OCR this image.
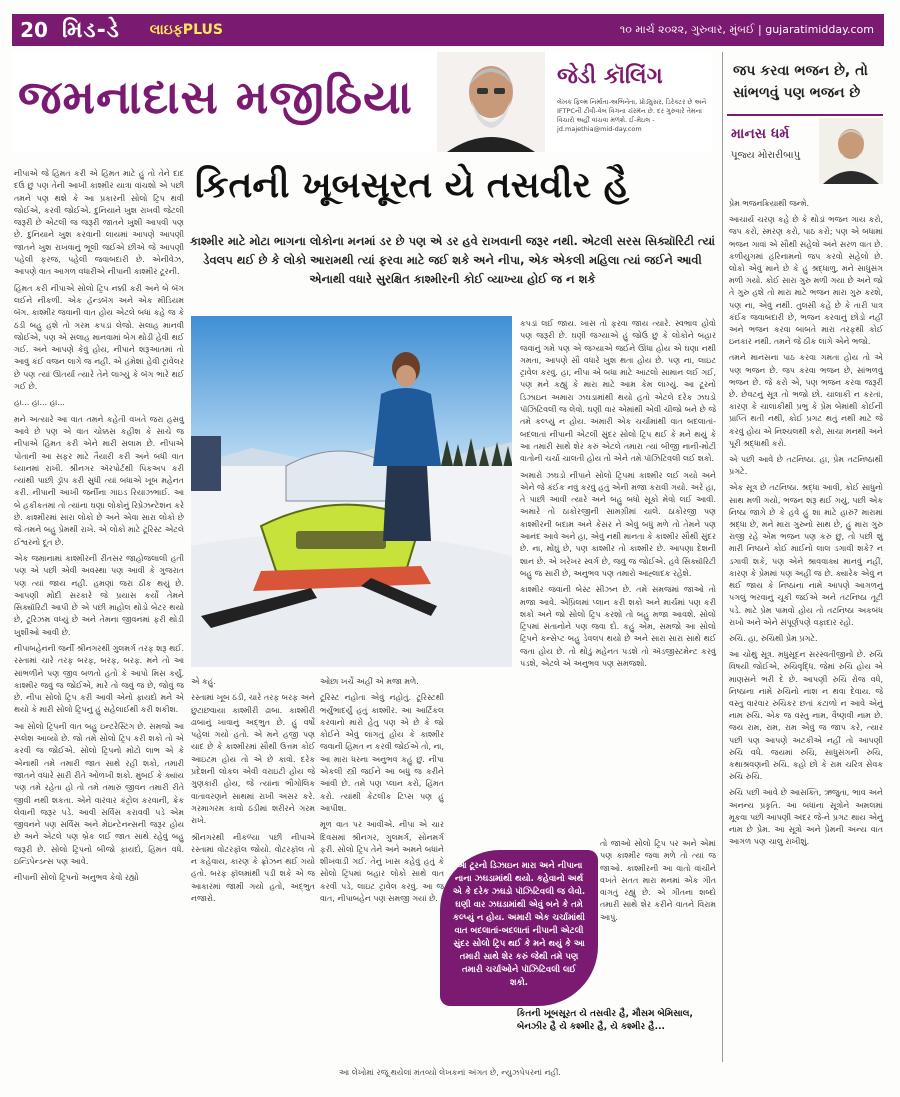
20 મિડ-ડે લાઇફPLUS	૧૦ માર્ચ ૨૦૨૨, ગુરુવાર, મુંબઈ | gujaratimidday.com
જમનાદાસ મજીઠિયા	જેડી કૉલિંગ
લેખક ફિલ્મ નિર્માતા-અભિનેતા, પ્રોડ્યુસર, ડિરેક્ટર છે અને IFTPCની ટીવી-વેબ વિંગના ચૅરમૅન છે. દર ગુરુવારે તેમના વિચારો અહીં વાંચવા મળશે. ઈ-મેઇલ - jd.majethia@mid-day.com
જપ કરવા ભજન છે, તો સાંભળવું પણ ભજન છે
માનસ ધર્મ
પૂજ્ય મોરારીબાપુ

પ્રેમ ભજનક્રિયાથી જન્મે.

આચાર્ય ચરણ કહે છે કે થોડાં ભજન ગાય કરો, જપ કરો, સ્મરણ કરો, પાઠ કરો; પણ એ બધામાં ભજન ગાવાં એ સૌથી સહેલો અને સરળ વાત છે. કળીયુગમાં હરિનામનો જપ કરવો સહેલો છે. લોકો એવું માને છે કે હું શ્રદ્ધાળુ, મને સાધુસંગ મળી ગયો. કોઈ સારા ગુરુ મળી ગયા છે અને જો તે ગુરુ હશે તો મારા માટે ભજન મારા ગુરુ કરશે, પણ ના, એવું નથી. તુલસી કહે છે કે તારી પાત્ર કંઈક જવાબદારી છે, ભજન કરવાનું છોડો નહીં અને ભજન કરવા બાબતે મારા તરફથી કોઈ ઇનકાર નથી. તમને જે ઠીક લાગે એને ભજો.

તમને માનસના પાઠ કરવા ગમતા હોય તો એ પણ ભજન છે. જપ કરવા ભજન છે, સાંભળવું ભજન છે. જે કરો એ, પણ ભજન કરવા જરૂરી છે. છેવટનું સૂત્ર તો ભજો છો. ચાલાકી ન કરતાં, કારણ કે ચાલાકીથી પ્રભુ કે પ્રેમ બેમાંથી કોઈની પ્રાપ્તિ થતી નથી, કોઈ પ્રગટ થતું નથી માટે જે કરવું હોય એ નિશ્ચલથી કરો, સાચા મનથી અને પૂરી શ્રદ્ધાથી કરો.

એ પછી આવે છે તટનિષ્ઠા. હા, પ્રેમ તટનિષ્ઠાથી પ્રગટે.

એક સૂત્ર છે તટનિષ્ઠા. શ્રદ્ધા આવી, કોઈ સાધુનો સાથ મળી ગયો, ભજન શરૂ થઈ ગયું, પછી એક નિષ્ઠા જાગે છે કે હવે હું શા માટે હારું? મારામાં શ્રદ્ધા છે, મને મારા ગુરુનો સાથ છે, હું મારા ગુરુ રાજી રહે એમ ભજન પણ કરું છું, તો પછી શું મારી નિષ્ઠાને કોઈ માઈનો લાલ ડગાવી શકે? ન ડગાવી શકે, પણ એને શ્રાવવાક્ય માનવું નહીં, કારણ કે પ્રેમમાં પણ અહીં જ છે. ક્યારેક એવું ન થઈ જાય કે નિષ્ઠાના નામે આપણે આગળનું પગલું ભરવાનું ચૂકી જઈએ અને તટનિષ્ઠા તૂટી પડે. માટે પ્રેમ પામવો હોય તો તટનિષ્ઠા અકબંધ રાખો અને એને સંપૂર્ણપણે વફાદાર રહો.

રુચિ. હા, રુચિથી પ્રેમ પ્રગટે.

આ ચોથું સૂત્ર. મધુસૂદન સરસ્વતીજીનો છે. રુચિ વિષયી જોઈએ, રુચિવૃદ્ધિ. જેમાં રુચિ હોય એ માણસને ભરી દે છે. આપણી રુચિ રોજ વધે, નિષ્ઠાના નામે રુચિનો નાશ ન થવા દેવાય. જે વસ્તુ વારંવાર રુચિકર છતાં કંટાળો ન આવે એનું નામ રુચિ. એક જ વસ્તુ નામ, વૈષ્ણવી નામ છે. જય રામ, રામ, રામ એવું જ જાપ કરે, ત્યાર પછી પણ આપણે અટકીએ નહીં તો આપણી રુચિ વધે. જયમાં રુચિ, સાધુસંગની રુચિ, કથાશ્રવણની રુચિ. કહો છો કે રામ ચરિત્ર સેવક રુચિ રુચિ.

રુચિ પછી આવે છે આસક્તિ, ઋજુતા, ભાવ અને અનન્ય પ્રકૃતિ. આ બધાંના સૂત્રોને અમલમાં મૂકવા પછી આપણી અંદર જે-ને પ્રગટ થાય એનું નામ છે પ્રેમ. આ સૂત્રો અને પ્રેમની અન્ય વાત આગળ પણ ચાલુ રાખીશું.

કિતની ખૂબસૂરત યે તસવીર હૈ
કાશ્મીર માટે મોટા ભાગના લોકોના મનમાં ડર છે પણ એ ડર હવે રાખવાની જરૂર નથી. એટલી સરસ સિક્યૉરિટી ત્યાં ડેવલપ થઈ છે કે લોકો આરામથી ત્યાં ફરવા માટે જઈ શકે અને નીપા, એક એકલી મહિલા ત્યાં જઈને આવી એનાથી વધારે સુરક્ષિત કાશ્મીરની કોઈ વ્યાખ્યા હોઈ જ ન શકે

નીપાએ જે હિંમત કરી એ હિંમત માટે હું તો તેને દાદ દઉં છું પણ તેની આખી કાશ્મીર યાત્રા વાંચશો એ પછી તમને પણ થશે કે આ પ્રકારની સોલો ટ્રિપ થવી જોઈએ, કરવી જોઈએ. દુનિયાને ખુશ રાખવી જેટલી જરૂરી છે એટલી જ જરૂરી જાતને ખુશી આપવી પણ છે. દુનિયાને ખુશ કરવાની લાયમાં આપણે આપણી જાતને ખુશ રાખવાનું ભૂલી જઈએ છીએ જે આપણી પહેલી ફરજ, પહેલી જવાબદારી છે. એનીવેઝ, આપણે વાત આગળ વધારીએ નીપાની કાશ્મીર ટૂરની.

હિંમત કરી નીપાએ સોલો ટ્રિપ નક્કી કરી અને બે બૅગ લઈને નીકળી. એક હૅન્ડબૅગ અને એક મીડિયમ બૅગ. કાશ્મીર જવાની વાત હોય એટલે બધા કહે જ કે ઠંડી બહુ હશે તો ગરમ કપડાં લેજો. સલાહ માનવી જોઈએ, પણ એ સલાહ માનવામાં બેગ થોડી હેવી થઈ ગઈ. અને આપણે કેવું હોય, નીપાને શરૂઆતમાં તો આવું કંઈ વજન લાગે જ નહીં. એ હંમેશાં હેવી ટ્રાવેલર છે પણ ત્યાં ઊતર્યા ત્યારે તેને લાગ્યું કે બૅગ ભારે થઈ ગઈ છે.

હા... હા... હા...

મને અત્યારે આ વાત તમને કહેતી વખતે જરા હસવું આવે છે પણ એ વાત ચોક્કસ કહીશ કે સાચે જ નીપાએ હિંમત કરી એને મારી સલામ છે. નીપાએ પોતાની આ સફર માટે તૈયારી કરી અને બધી વાત ધ્યાનમાં રાખી. શ્રીનગર ઍરપોર્ટથી પિકઅપ કરી ત્યાંથી પાછી ડ્રૉપ કરી સુધી ત્યાં બધાએ ખૂબ મહેનત કરી. નીપાની આખી જર્નીના ગાઇડ રિયાઝભાઈ. આ બે હકીકતમાં તો ત્યાંના ઘણા લોકોનું રિપ્રેઝન્ટેશન કરે છે. કાશ્મીરમાં સારા લોકો છે અને એવા સારા લોકો છે જે તમને બહુ પ્રેમથી રાખે. એ લોકો માટે ટૂરિસ્ટ એટલે ઈશ્વરનો દૂત છે.

એક જમાનામાં કાશ્મીરની રીતસર જાહોજલાલી હતી પણ એ પછી એવી અવસ્થા પણ આવી કે ગુજરાત પણ ત્યાં જાય નહીં. હમણાં જરા ઠીક થયું છે. આપણી મોદી સરકારે જે પ્રયાસ કર્યો તેમને સિક્યૉરિટી આપી છે એ પછી માહોલ થોડો બેટર થયો છે, ટૂરિઝમ વધ્યું છે અને તેમના જીવનમાં ફરી થોડી ખુશીઓ આવી છે.

નીપાબહેનની જર્ની શ્રીનગરથી ગુલમર્ગ તરફ શરૂ થઈ. રસ્તામાં ચારે તરફ બરફ, બરફ, બરફ. મને તો આ સાંભળીને પણ જીવ બળતો હતો કે આપો મિસ કર્યું. કાશ્મીર જવું જ જોઈએ, મારે તો જવું જ છે, જોવું જ છે. નીપા સોલો ટ્રિપ કરી આવી એનો ફાયદો મને એ થયો કે મારી સોલો ટ્રિપનું હું સહેલાઈથી કરી શકીશ.

આ સોલો ટ્રિપની વાત બહુ ઇન્ટરેસ્ટિંગ છે. સમજો આ સ્પ્લેશ આવ્યો છે. જો તમે સોલો ટ્રિપ કરી શકો તો એ કરવી જ જોઈએ. સોલો ટ્રિપનો મોટો લાભ એ કે એનાથી તમે તમારી જાત સાથે રહી શકો, તમારી જાતને વધારે સારી રીતે ઓળખી શકો. મુંબઈ કે ક્યાંય પણ તમે રહેતા હો તો તમે તમારું જીવન તમારી રીતે જીવી નથી શકતા. એને વારંવાર કંટ્રોલ કરવાની, ક્રેક લેવાની જરૂર પડે. આવી સર્વિસ કરાવવી પડે એમ જીવનને પણ સર્વિસ અને મેઇન્ટેનન્સની જરૂર હોય છે અને એટલે પણ બ્રેક લઈ જાત સાથે રહેવું બહુ જરૂરી છે. સોલો ટ્રિપનો બીજો ફાયદો, હિંમત વધે. ઇન્ડિપેન્ડન્સ પણ આવે.

નીપાની સોલો ટ્રિપનો અનુભવ કેવો રહ્યો

એ કહું.

રસ્તામાં ખૂબ ઠંડી, ચારે તરફ બરફ અને છુટાછવાયા કાશ્મીરી ઢાબા. કાશ્મીરી ઢાબાનું ખાવાનું અદ્ભુત છે. હું વર્ષો પહેલાં ગયો હતો. એ મને હજી પણ યાદ છે કે કાશ્મીરમાં સૌથી ઉત્તમ કોઈ આઇટમ હોય તો એ છે કાવો. દરેક પ્રદેશની લોકલ એવી વરાઇટી હોય જે ગુણકારી હોય, જે ત્યાંના ભૌગોલિક વાતાવરણને સાથમાં રાખી અસર કરે. ગરમાગરમ કાવો ઠંડીમાં શરીરને ગરમ રાખે.

શ્રીનગરથી નીકળ્યા પછી નીપાએ રસ્તામાં વોટરફૉલ જોયો. વોટરફૉલ તો ન કહેવાય, કારણ કે ફ્રોઝન થઈ ગયો હતો. બરફ ફૉલમાંથી પડી શકે એ જ આકારમાં જામી ગયો હતો, અદ્ભુત નજારો.

ઓછા ખર્ચે અહીં એ મજા મળે.

ટૂરિસ્ટ નહોતા એવું નહોતું. ટૂરિસ્ટથી ભર્યુંભાદર્યું હતું કાશ્મીર. આ આર્ટિકલ કરવાનો મારો હેતુ પણ એ છે કે જો કોઈને એવું લાગતું હોય કે કાશ્મીર જવાની હિંમત ન કરવી જોઈએ તો, ના, આ મારા ધરના અનુભવ કહું છું. નીપા એકલી સ્ત્રી જઈને આ બધું જ કરીને આવી છે. તમે પણ પ્લાન કરો, હિંમત કરો. ત્યાંથી કેટલીક ટિપ્સ પણ હું આપીશ.

મૂળ વાત પર આવીએ. નીપા એ ચાર દિવસમાં શ્રીનગર, ગુલમર્ગ, સોનમર્ગ ફરી. સોલો ટ્રિપ તેને અને અમને બધાંને શીખવાડી ગઈ. તેનું ખાસ કહેવું હતું કે સોલો ટ્રિપમાં બહાર લોકો સાથે વાત કરવી પડે, લાઇટ ટ્રાવેલ કરવું. આ જ વાત, નીપાબહેન પણ સમજી ગયાં છે.

કપડાં લઈ જાય. ખાસ તો ફરવા જાય ત્યારે. સ્વભાવ હોવો પણ જરૂરી છે. ઘણી જગ્યાએ હું જોઉં છું કે લોકોને બહાર જવાનું ગમે પણ એ જગ્યાએ જઈને ઊંધા હોય એ ઘણા નથી ગમતા, આપણે સૌ વધારે ખુશ થતા હોય છે. પણ ના, લાઇટ ટ્રાવેલ કરવું. હા, નીપા એ બધા માટે આટલો સામાન લઈ ગઈ, પણ મને કહ્યું કે મારા માટે આમ કેમ લાગ્યું. આ ટૂરનો ડિઝાઇન અમારા ઝઘડામાંથી થયો હતો એટલે દરેક ઝઘડો પૉઝિટિવલી જ લેવો. ઘણી વાર એમાંથી એવી ચીજો બને છે જે તમે કલ્પ્યું ન હોય. અમારી એક ચર્ચામાંથી વાત બદલાતાં-બદલાતાં નીપાની એટલી સુંદર સોલો ટ્રિપ થઈ કે મને થયું કે આ તમારી સાથે શેર કરું એટલે તમારા ત્યાં બીજી નાની-મોટી વાતોની ચર્ચા ચાલતી હોય તો એને તમે પૉઝિટિવલી લઈ શકો.

અમારો ઝઘડો નીપાને સોલો ટ્રિપમાં કાશ્મીર લઈ ગયો અને એને જે કંઈક નવું કરવું હતું એની મજા કરાવી ગયો. અરે હા, તે પાછી આવી ત્યારે અને બહુ બધો સૂકો મેવો લઈ આવી. અમારે તો ઠાકોરજીની સામગ્રીમાં ચાલે. ઠાકોરજી પણ કાશ્મીરની બદામ અને કેસર ને એવું બધું મળે તો તેમને પણ આનંદ આવે અને હા, એવું નથી માનતા કે કાશ્મીર સૌથી સુંદર છે. ના, મોંઘું છે, પણ કાશ્મીર તો કાશ્મીર છે. આપણા દેશની શાન છે. એ ખરેખર સ્વર્ગ છે, જવું જ જોઈએ. હવે સિક્યૉરિટી બહુ જ સારી છે, અનુભવ પણ તમારો આહ્લાદક રહેશે.

કાશ્મીર જવાની બેસ્ટ સીઝન છે. તમે સમજમાં જાઓ તો મજા આવે. એપ્રિલમાં પ્લાન કરી શકો અને માર્ચમાં પણ કરી શકો અને જો સોલો ટ્રિપ કરશો તો બહુ મજા આવશે. સોલો ટ્રિપમાં સંતાનોને પણ જવા દો. કહું એમ, સમજો આ સોલો ટ્રિપને કન્સેપ્ટ બહુ ડેવલપ થયો છે અને સારા સારા સાથે થઈ જતા હોય છે. તો થોડું મહેનત પડશે તો ઍડજીસ્ટમેન્ટ કરવું પડશે, એટલે એ અનુભવ પણ સમજશો.

આ ટૂરનો ડિઝાઇન મારા અને નીપાના નાના ઝઘડામાંથી થયો. કહેવાનો અર્થ એ કે દરેક ઝઘડો પૉઝિટિવલી જ લેવો. ઘણી વાર ઝઘડામાંથી એવું બને કે તમે કલ્પ્યું ન હોય. અમારી એક ચર્ચામાંથી વાત બદલાતાં-બદલાતાં નીપાની એટલી સુંદર સોલો ટ્રિપ થઈ કે મને થયું કે આ તમારી સાથે શેર કરું જેથી તમે પણ તમારી ચર્ચાઓને પૉઝિટિવલી લઈ શકો.

તો જાઓ સોલો ટ્રિપ પર અને એમાં પણ કાશ્મીર જવા મળે તો ત્યાં જ જાઓ. કાશ્મીરની આ વાતો વાંચીને વખતે સતત મારા મનમાં એક ગીત વાગતું રહ્યું છે. એ ગીતના શબ્દો તમારી સાથે શેર કરીને વાતને વિરામ આપું.

કિતની ખૂબસૂરત યે તસવીર હૈ, મૌસમ બેમિસાલ, બેનઝીર હૈ યે કશ્મીર હૈ, યે કશ્મીર હૈ...
આ લેખોમાં રજૂ થયેલાં મંતવ્યો લેખકનાં અંગત છે, ન્યુઝપેપરનાં નહીં.
